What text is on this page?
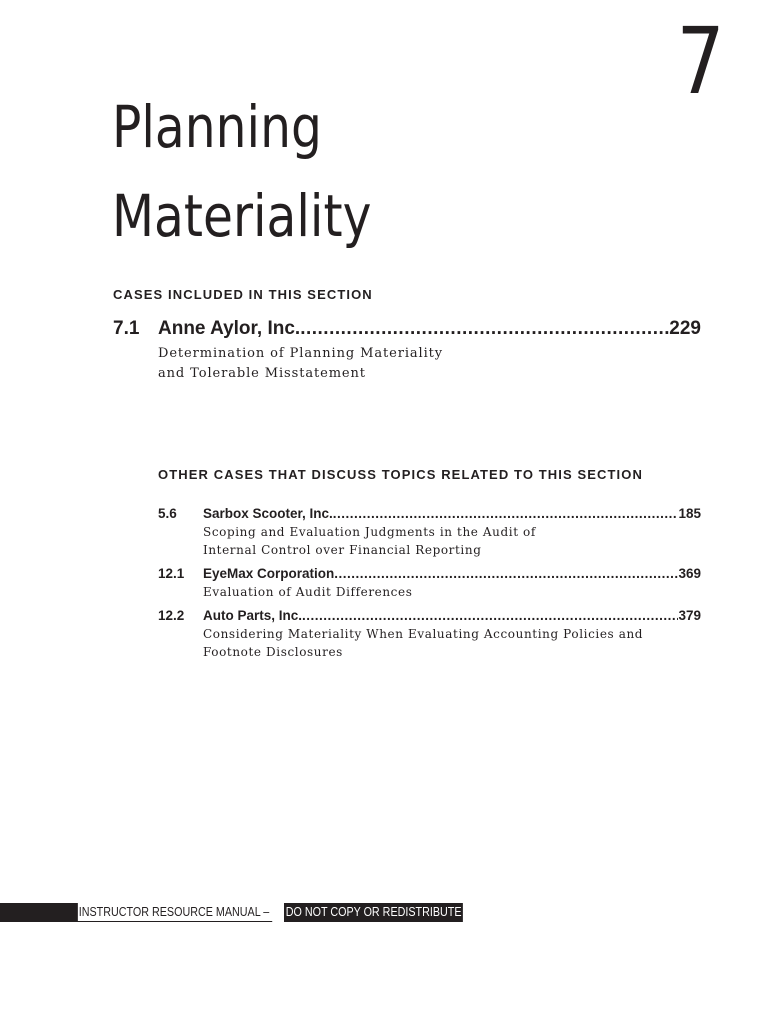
7
Planning
Materiality
CASES INCLUDED IN THIS SECTION
7.1 Anne Aylor, Inc. .....	229
Determination of Planning Materiality
and Tolerable Misstatement
OTHER CASES THAT DISCUSS TOPICS RELATED TO THIS SECTION
5.6	Sarbox Scooter, Inc. .....	185
Scoping and Evaluation Judgments in the Audit of
Internal Control over Financial Reporting
12.1	EyeMax Corporation .....	369
Evaluation of Audit Differences
12.2	Auto Parts, Inc. .....	379
Considering Materiality When Evaluating Accounting Policies and
Footnote Disclosures
INSTRUCTOR RESOURCE MANUAL – DO NOT COPY OR REDISTRIBUTE
